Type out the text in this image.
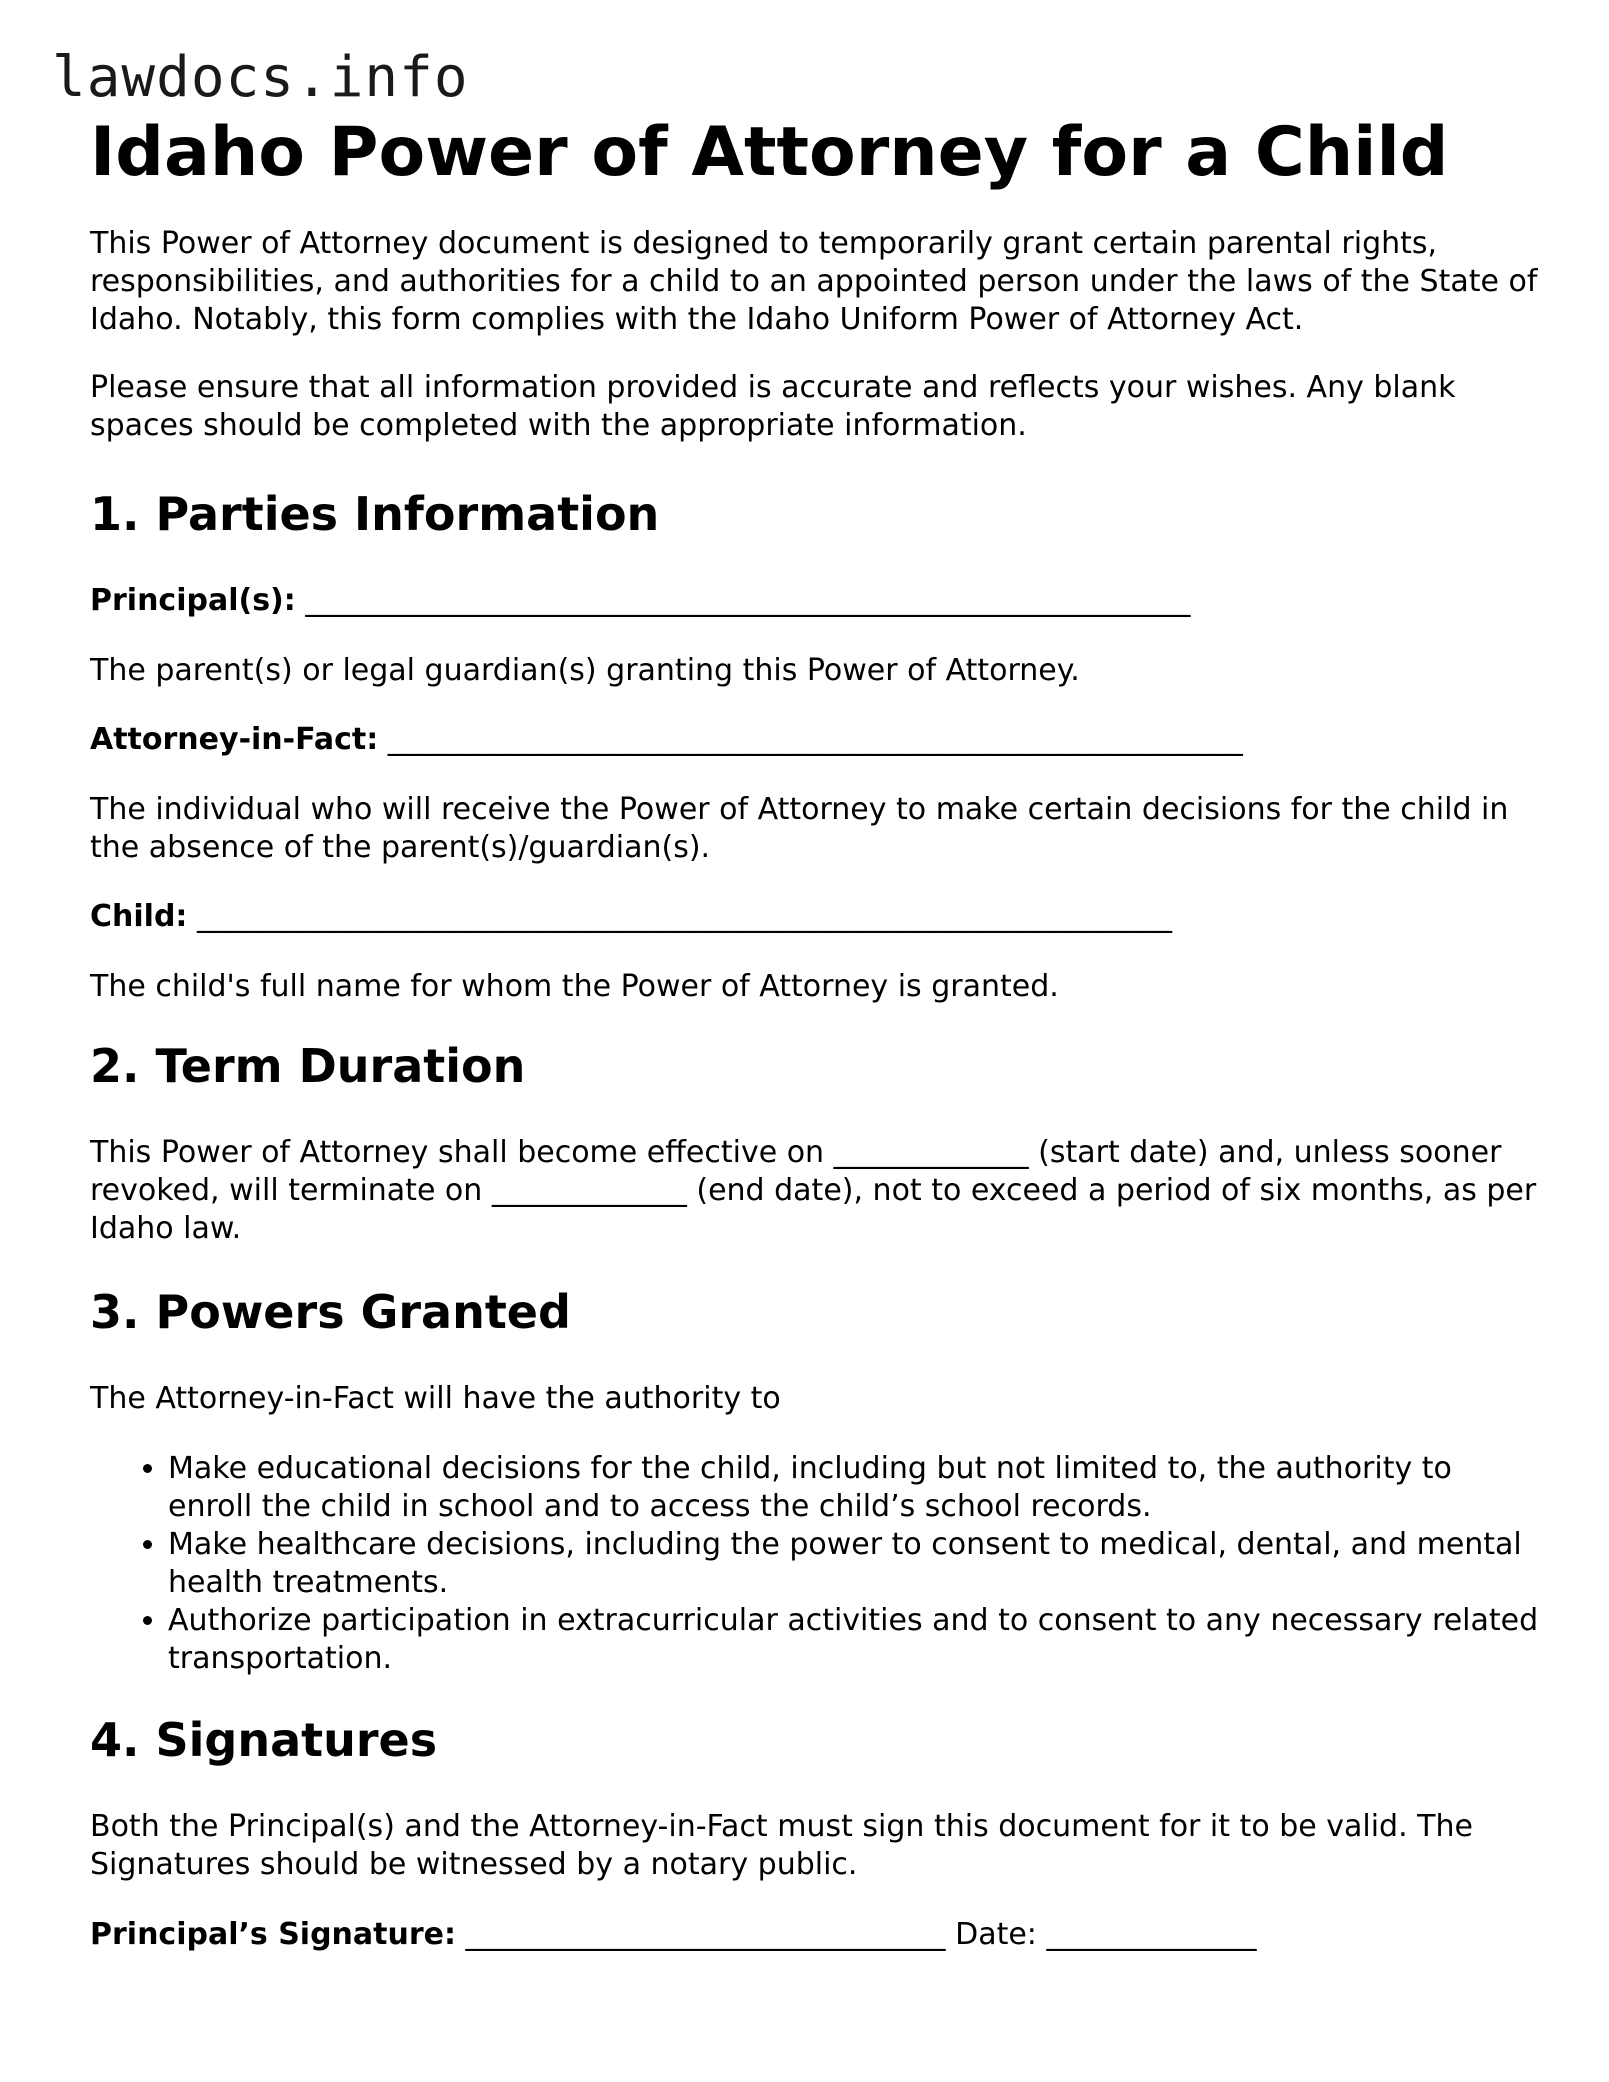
lawdocs.info
Idaho Power of Attorney for a Child

This Power of Attorney document is designed to temporarily grant certain parental rights, responsibilities, and authorities for a child to an appointed person under the laws of the State of Idaho. Notably, this form complies with the Idaho Uniform Power of Attorney Act.

Please ensure that all information provided is accurate and reflects your wishes. Any blank spaces should be completed with the appropriate information.

1. Parties Information

Principal(s): ___________________________________________________________

The parent(s) or legal guardian(s) granting this Power of Attorney.

Attorney-in-Fact: _________________________________________________________

The individual who will receive the Power of Attorney to make certain decisions for the child in the absence of the parent(s)/guardian(s).

Child: _________________________________________________________________

The child's full name for whom the Power of Attorney is granted.

2. Term Duration

This Power of Attorney shall become effective on _____________ (start date) and, unless sooner revoked, will terminate on _____________ (end date), not to exceed a period of six months, as per Idaho law.

3. Powers Granted

The Attorney-in-Fact will have the authority to

• Make educational decisions for the child, including but not limited to, the authority to enroll the child in school and to access the child’s school records.
• Make healthcare decisions, including the power to consent to medical, dental, and mental health treatments.
• Authorize participation in extracurricular activities and to consent to any necessary related transportation.
4. Signatures

Both the Principal(s) and the Attorney-in-Fact must sign this document for it to be valid. The Signatures should be witnessed by a notary public.

Principal’s Signature: ________________________________ Date: ______________
